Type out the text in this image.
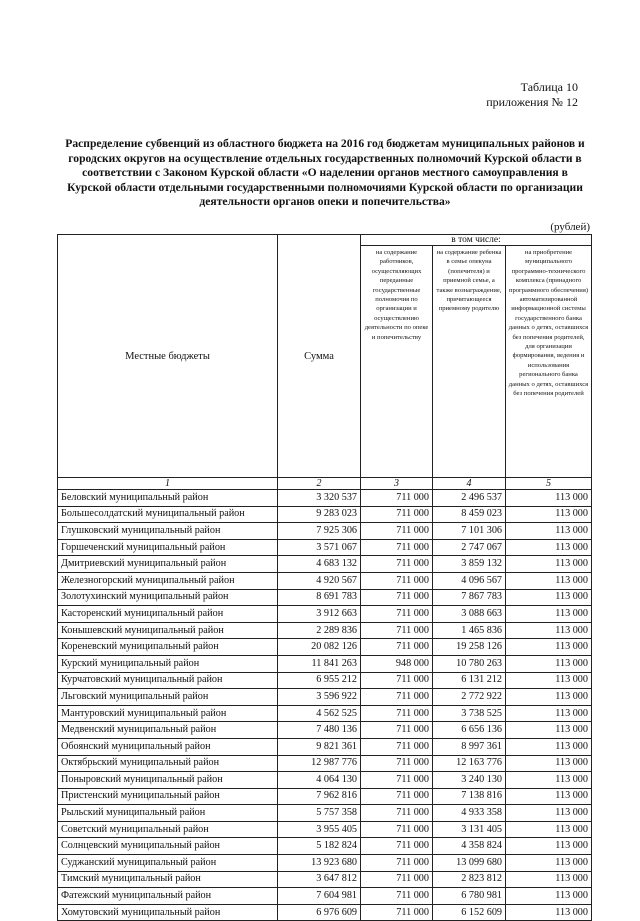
Таблица 10
приложения № 12
Распределение субвенций из областного бюджета на 2016 год бюджетам муниципальных районов и городских округов на осуществление отдельных государственных полномочий Курской области в соответствии с Законом Курской области «О наделении органов местного самоуправления в Курской области отдельными государственными полномочиями Курской области по организации деятельности органов опеки и попечительства»
(рублей)
Местные бюджеты	Сумма	в том числе:		
		на содержание работников, осуществляющих переданные государственные полномочия по организации и осуществлению деятельности по опеке и попечительству	на содержание ребенка в семье опекуна (попечителя) и приемной семье, а также вознаграждение, причитающееся приемному родителю	на приобретение муниципального программно-технического комплекса (принадного программного обеспечения) автоматизированной информационной системы государственного банка данных о детях, оставшихся без попечения родителей, для организации формирования, ведения и использования регионального банка данных о детях, оставшихся без попечения родителей
1	2	3	4	5
Беловский муниципальный район	3 320 537	711 000	2 496 537	113 000
Большесолдатский муниципальный район	9 283 023	711 000	8 459 023	113 000
Глушковский муниципальный район	7 925 306	711 000	7 101 306	113 000
Горшеченский муниципальный район	3 571 067	711 000	2 747 067	113 000
Дмитриевский муниципальный район	4 683 132	711 000	3 859 132	113 000
Железногорский муниципальный район	4 920 567	711 000	4 096 567	113 000
Золотухинский муниципальный район	8 691 783	711 000	7 867 783	113 000
Касторенский муниципальный район	3 912 663	711 000	3 088 663	113 000
Конышевский муниципальный район	2 289 836	711 000	1 465 836	113 000
Кореневский муниципальный район	20 082 126	711 000	19 258 126	113 000
Курский муниципальный район	11 841 263	948 000	10 780 263	113 000
Курчатовский муниципальный район	6 955 212	711 000	6 131 212	113 000
Льговский муниципальный район	3 596 922	711 000	2 772 922	113 000
Мантуровский муниципальный район	4 562 525	711 000	3 738 525	113 000
Медвенский муниципальный район	7 480 136	711 000	6 656 136	113 000
Обоянский муниципальный район	9 821 361	711 000	8 997 361	113 000
Октябрьский муниципальный район	12 987 776	711 000	12 163 776	113 000
Поныровский муниципальный район	4 064 130	711 000	3 240 130	113 000
Пристенский муниципальный район	7 962 816	711 000	7 138 816	113 000
Рыльский муниципальный район	5 757 358	711 000	4 933 358	113 000
Советский муниципальный район	3 955 405	711 000	3 131 405	113 000
Солнцевский муниципальный район	5 182 824	711 000	4 358 824	113 000
Суджанский муниципальный район	13 923 680	711 000	13 099 680	113 000
Тимский муниципальный район	3 647 812	711 000	2 823 812	113 000
Фатежский муниципальный район	7 604 981	711 000	6 780 981	113 000
Хомутовский муниципальный район	6 976 609	711 000	6 152 609	113 000
